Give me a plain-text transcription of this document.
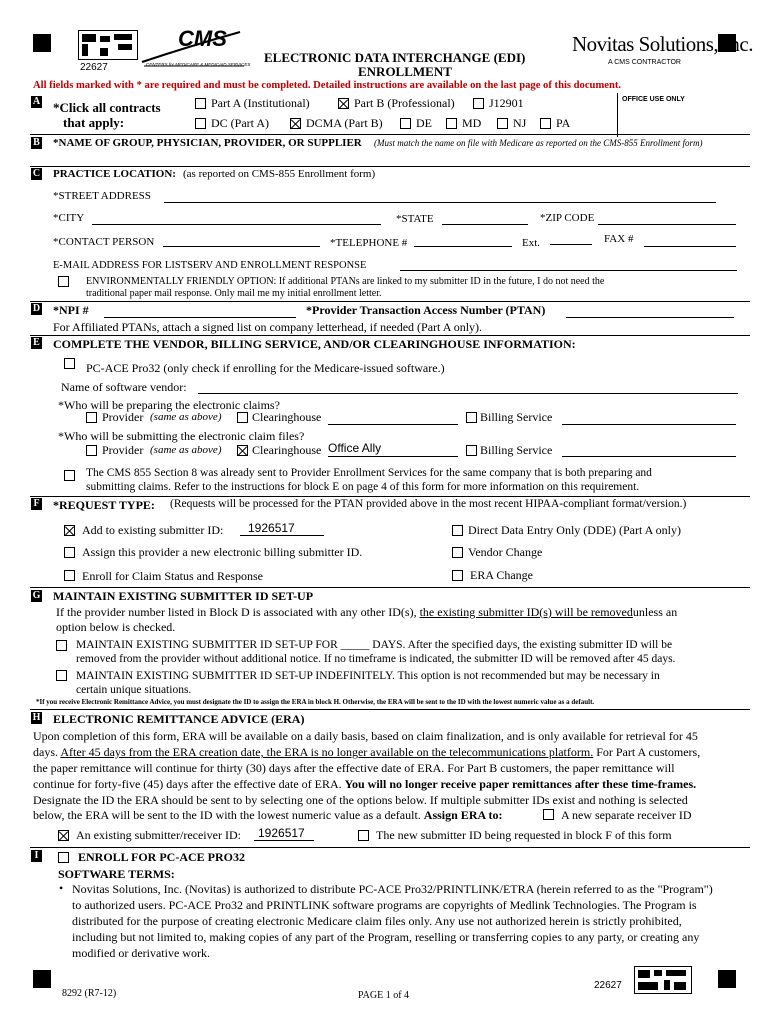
22627
CMS
CENTERS for MEDICARE & MEDICAID SERVICES ELECTRONIC DATA INTERCHANGE (EDI)
ENROLLMENT
Novitas Solutions, Inc.
A CMS CONTRACTOR
All fields marked with * are required and must be completed. Detailed instructions are available on the last page of this document.
A *Click all contracts
that apply:
OFFICE USE ONLY
Part A (Institutional)	Part B (Professional)	J12901
DC (Part A)	DCMA (Part B)	DE	MD	NJ PA
B *NAME OF GROUP, PHYSICIAN, PROVIDER, OR SUPPLIER (Must match the name on file with Medicare as reported on the CMS-855 Enrollment form)
C PRACTICE LOCATION: (as reported on CMS-855 Enrollment form)
*STREET ADDRESS
*CITY	*STATE	*ZIP CODE
*CONTACT PERSON	*TELEPHONE #	Ext.	FAX #
E-MAIL ADDRESS FOR LISTSERV AND ENROLLMENT RESPONSE
ENVIRONMENTALLY FRIENDLY OPTION: If additional PTANs are linked to my submitter ID in the future, I do not need the
traditional paper mail response. Only mail me my initial enrollment letter.
D *NPI #	*Provider Transaction Access Number (PTAN)
For Affiliated PTANs, attach a signed list on company letterhead, if needed (Part A only).
E COMPLETE THE VENDOR, BILLING SERVICE, AND/OR CLEARINGHOUSE INFORMATION:
PC-ACE Pro32 (only check if enrolling for the Medicare-issued software.)
Name of software vendor:
*Who will be preparing the electronic claims?
Provider (same as above)	Clearinghouse	Billing Service
*Who will be submitting the electronic claim files?
Provider (same as above)	Clearinghouse Office Ally	Billing Service
The CMS 855 Section 8 was already sent to Provider Enrollment Services for the same company that is both preparing and
submitting claims. Refer to the instructions for block E on page 4 of this form for more information on this requirement.
F *REQUEST TYPE: (Requests will be processed for the PTAN provided above in the most recent HIPAA-compliant format/version.)
Add to existing submitter ID: 1926517	Direct Data Entry Only (DDE) (Part A only)
Assign this provider a new electronic billing submitter ID.	Vendor Change
Enroll for Claim Status and Response	ERA Change
G MAINTAIN EXISTING SUBMITTER ID SET-UP
If the provider number listed in Block D is associated with any other ID(s), the existing submitter ID(s) will be removedunless an
option below is checked.
MAINTAIN EXISTING SUBMITTER ID SET-UP FOR _____ DAYS. After the specified days, the existing submitter ID will be
removed from the provider without additional notice. If no timeframe is indicated, the submitter ID will be removed after 45 days.
MAINTAIN EXISTING SUBMITTER ID SET-UP INDEFINITELY. This option is not recommended but may be necessary in
certain unique situations.
*If you receive Electronic Remittance Advice, you must designate the ID to assign the ERA in block H. Otherwise, the ERA will be sent to the ID with the lowest numeric value as a default.
H ELECTRONIC REMITTANCE ADVICE (ERA)
Upon completion of this form, ERA will be available on a daily basis, based on claim finalization, and is only available for retrieval for 45
days. After 45 days from the ERA creation date, the ERA is no longer available on the telecommunications platform. For Part A customers,
the paper remittance will continue for thirty (30) days after the effective date of ERA. For Part B customers, the paper remittance will
continue for forty-five (45) days after the effective date of ERA. You will no longer receive paper remittances after these time-frames.
Designate the ID the ERA should be sent to by selecting one of the options below. If multiple submitter IDs exist and nothing is selected
below, the ERA will be sent to the ID with the lowest numeric value as a default. Assign ERA to:	A new separate receiver ID
An existing submitter/receiver ID: 1926517	The new submitter ID being requested in block F of this form
I	ENROLL FOR PC-ACE PRO32
SOFTWARE TERMS:
• Novitas Solutions, Inc. (Novitas) is authorized to distribute PC-ACE Pro32/PRINTLINK/ETRA (herein referred to as the "Program")
to authorized users. PC-ACE Pro32 and PRINTLINK software programs are copyrights of Medlink Technologies. The Program is
distributed for the purpose of creating electronic Medicare claim files only. Any use not authorized herein is strictly prohibited,
including but not limited to, making copies of any part of the Program, reselling or transferring copies to any party, or creating any
modified or derivative work.
8292 (R7-12)	PAGE 1 of 4
22627
